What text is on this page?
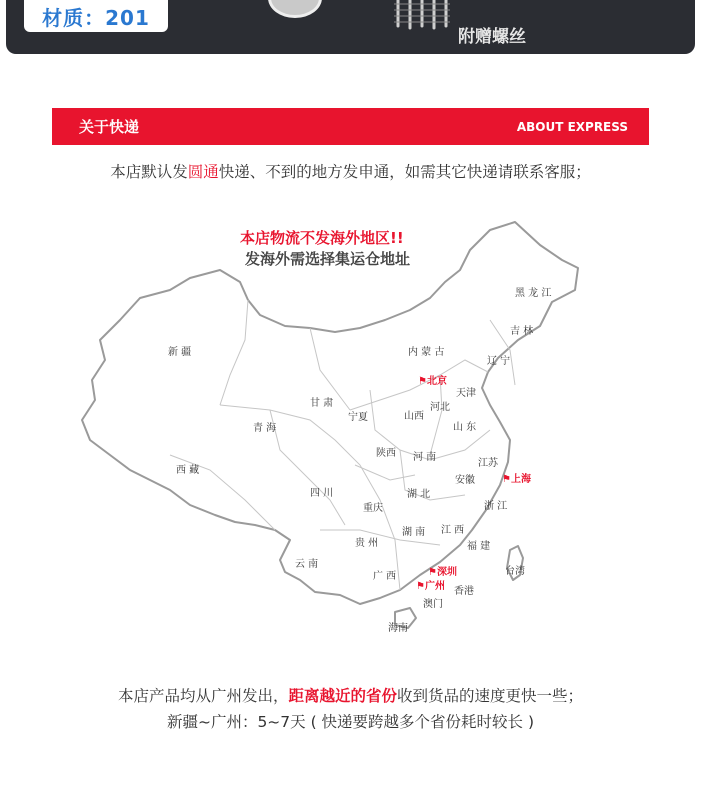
材质：201
附赠螺丝
关于快递	ABOUT EXPRESS
本店默认发圆通快递、不到的地方发申通，如需其它快递请联系客服；
本店物流不发海外地区!!
发海外需选择集运仓地址
黑 龙 江
吉 林
内 蒙 古
辽 宁
新 疆
天津
甘 肃
宁夏	山西
河北
青 海	山 东
陕西 河 南
江苏
西 藏
安徽
四 川	湖 北
浙 江
重庆
湖 南 江 西
贵 州	福 建
云 南
台湾
广 西
香港
澳门
海南
⚑北京
⚑上海
⚑深圳
⚑广州
本店产品均从广州发出，距离越近的省份收到货品的速度更快一些；
新疆~广州：5~7天 ( 快递要跨越多个省份耗时较长 )
